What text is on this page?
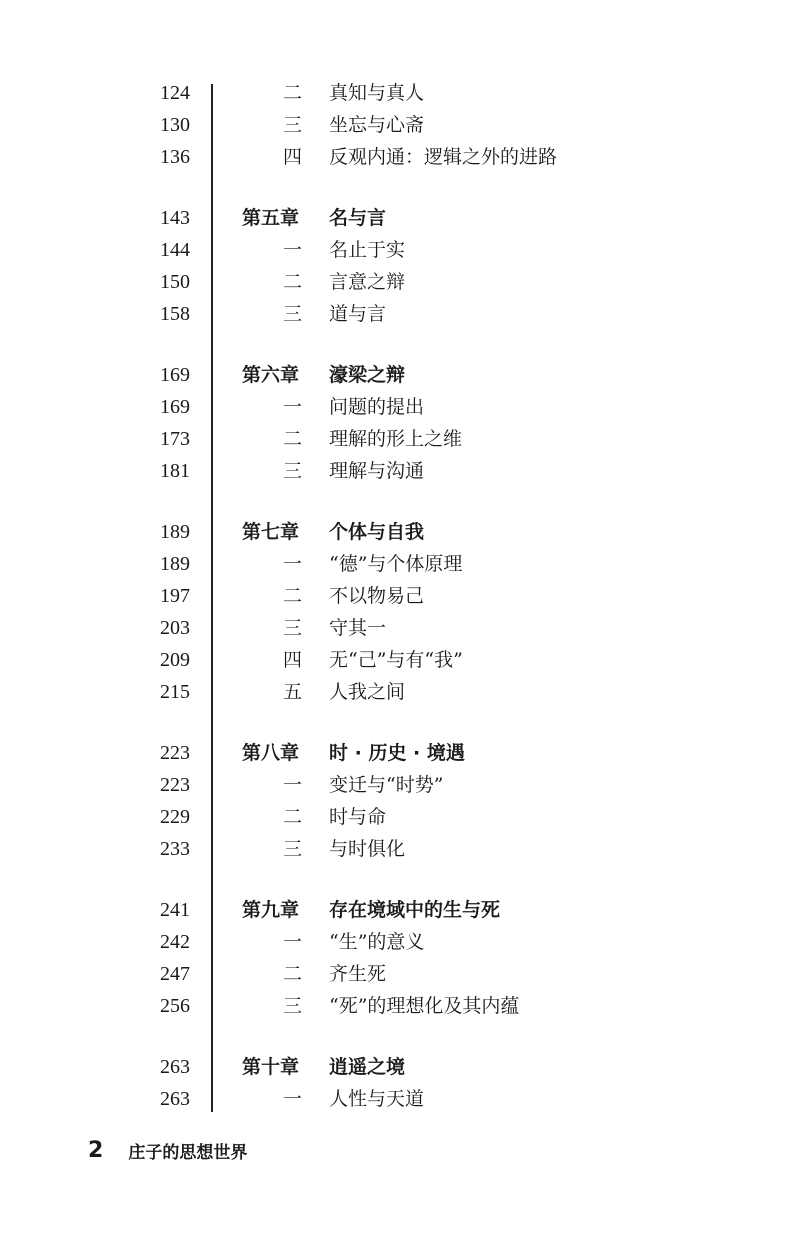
124	二	真知与真人
130	三	坐忘与心斋
136	四	反观内通：逻辑之外的进路
143	第五章	名与言
144	一	名止于实
150	二	言意之辩
158	三	道与言
169	第六章	濠梁之辩
169	一	问题的提出
173	二	理解的形上之维
181	三	理解与沟通
189	第七章	个体与自我
189	一	“德”与个体原理
197	二	不以物易己
203	三	守其一
209	四	无“己”与有“我”
215	五	人我之间
223	第八章	时 · 历史 · 境遇
223	一	变迁与“时势”
229	二	时与命
233	三	与时俱化
241	第九章	存在境域中的生与死
242	一	“生”的意义
247	二	齐生死
256	三	“死”的理想化及其内蕴
263	第十章	逍遥之境
263	一	人性与天道
2 庄子的思想世界
